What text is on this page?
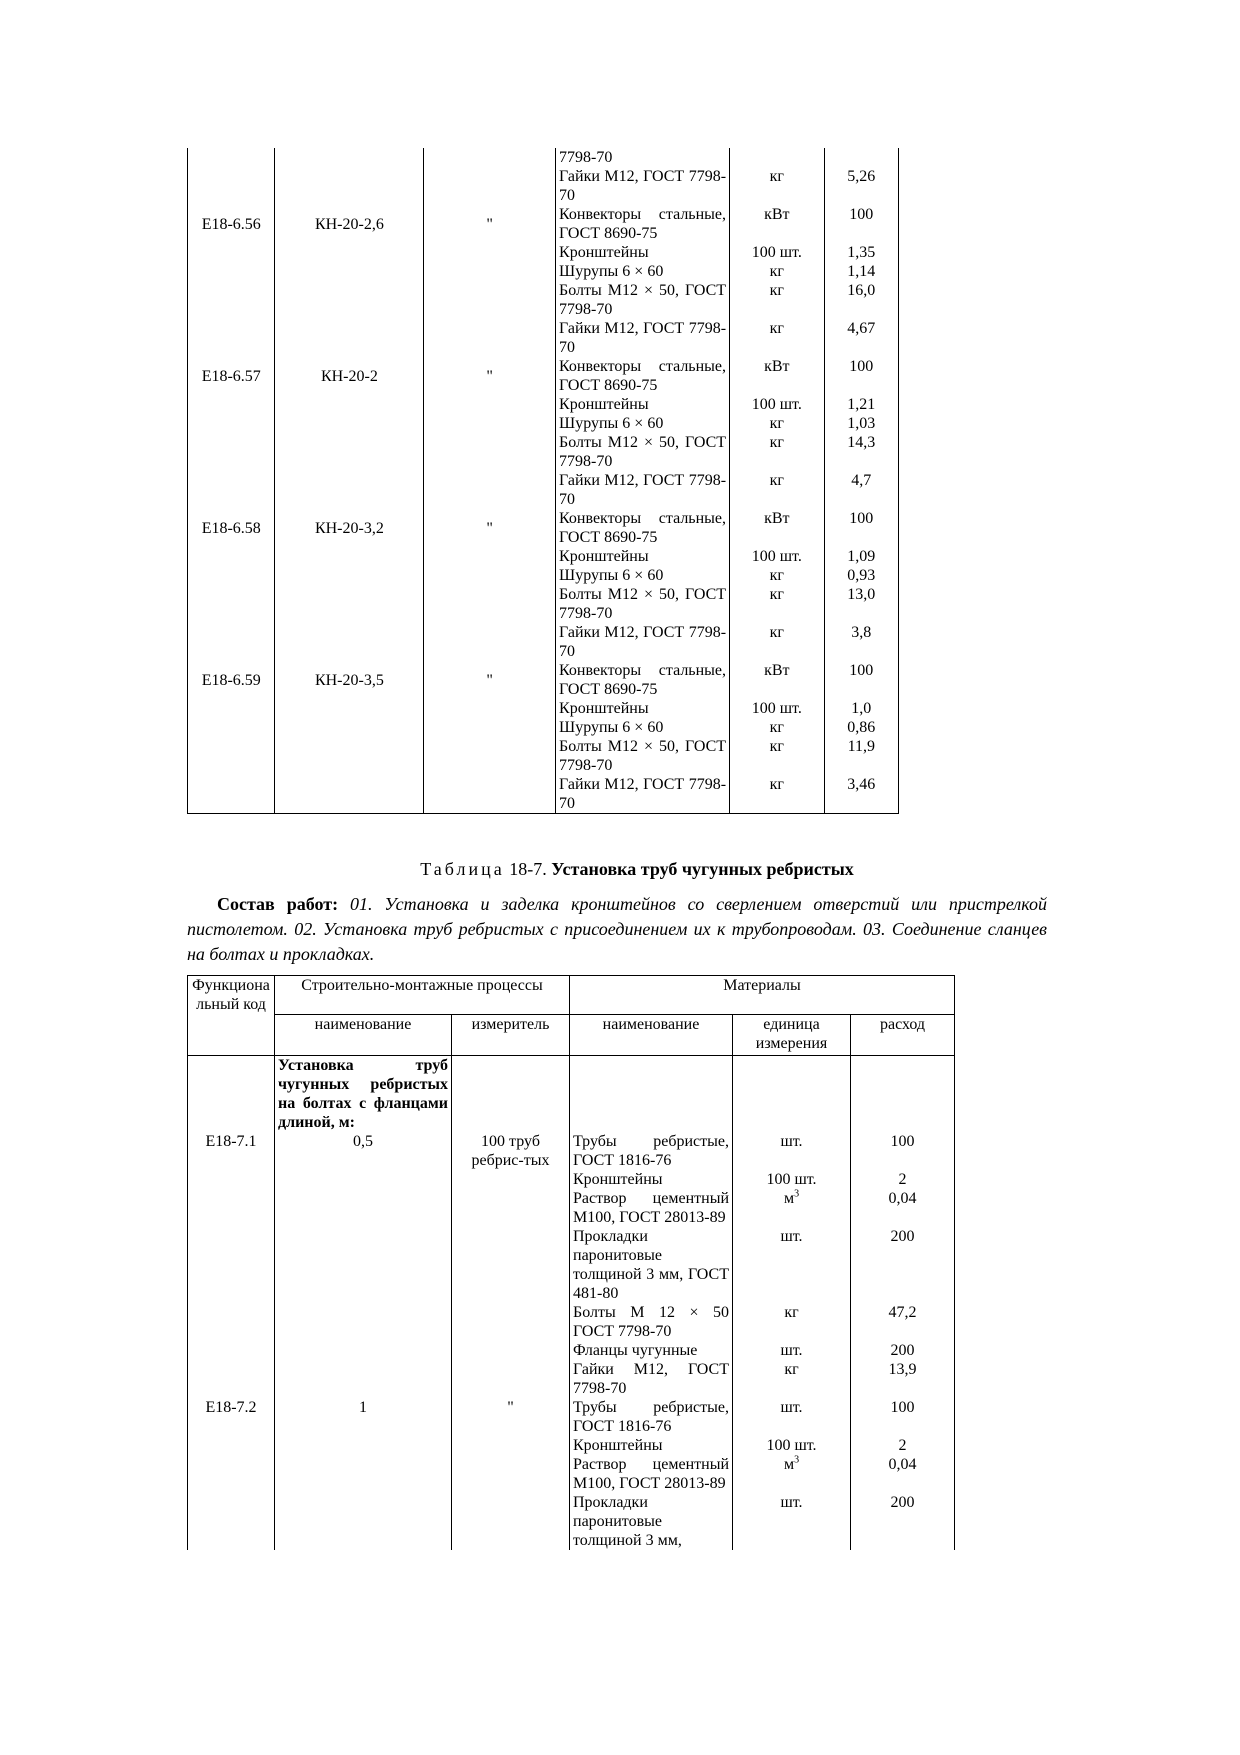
			7798-70		
			Гайки М12, ГОСТ 7798-70	кг	5,26
Е18-6.56	КН-20-2,6	"	Конвекторы стальные, ГОСТ 8690-75	кВт	100
			Кронштейны	100 шт.	1,35
			Шурупы 6 × 60	кг	1,14
			Болты М12 × 50, ГОСТ 7798-70	кг	16,0
			Гайки М12, ГОСТ 7798-70	кг	4,67
Е18-6.57	КН-20-2	"	Конвекторы стальные, ГОСТ 8690-75	кВт	100
			Кронштейны	100 шт.	1,21
			Шурупы 6 × 60	кг	1,03
			Болты М12 × 50, ГОСТ 7798-70	кг	14,3
			Гайки М12, ГОСТ 7798-70	кг	4,7
Е18-6.58	КН-20-3,2	"	Конвекторы стальные, ГОСТ 8690-75	кВт	100
			Кронштейны	100 шт.	1,09
			Шурупы 6 × 60	кг	0,93
			Болты М12 × 50, ГОСТ 7798-70	кг	13,0
			Гайки М12, ГОСТ 7798-70	кг	3,8
Е18-6.59	КН-20-3,5	"	Конвекторы стальные, ГОСТ 8690-75	кВт	100
			Кронштейны	100 шт.	1,0
			Шурупы 6 × 60	кг	0,86
			Болты М12 × 50, ГОСТ 7798-70	кг	11,9
			Гайки М12, ГОСТ 7798-70	кг	3,46
Таблица 18-7. Установка труб чугунных ребристых
Состав работ: 01. Установка и заделка кронштейнов со сверлением отверстий или пристрелкой пистолетом. 02. Установка труб ребристых с присоединением их к трубопроводам. 03. Соединение сланцев на болтах и прокладках.
Функциональный код	Строительно-монтажные процессы		Материалы		
	наименование	измеритель	наименование	единица измерения	расход
	Установка труб чугунных ребристых на болтах с фланцами длиной, м:				
Е18-7.1	0,5	100 труб ребрис-тых	Трубы ребристые, ГОСТ 1816-76	шт.	100
			Кронштейны	100 шт.	2
			Раствор цементный М100, ГОСТ 28013-89	$м^3$	0,04
			Прокладки паронитовые толщиной 3 мм, ГОСТ 481-80	шт.	200
			Болты М 12 × 50 ГОСТ 7798-70	кг	47,2
			Фланцы чугунные	шт.	200
			Гайки М12, ГОСТ 7798-70	кг	13,9
Е18-7.2	1	"	Трубы ребристые, ГОСТ 1816-76	шт.	100
			Кронштейны	100 шт.	2
			Раствор цементный М100, ГОСТ 28013-89	$м^3$	0,04
			Прокладки паронитовые толщиной 3 мм,	шт.	200
